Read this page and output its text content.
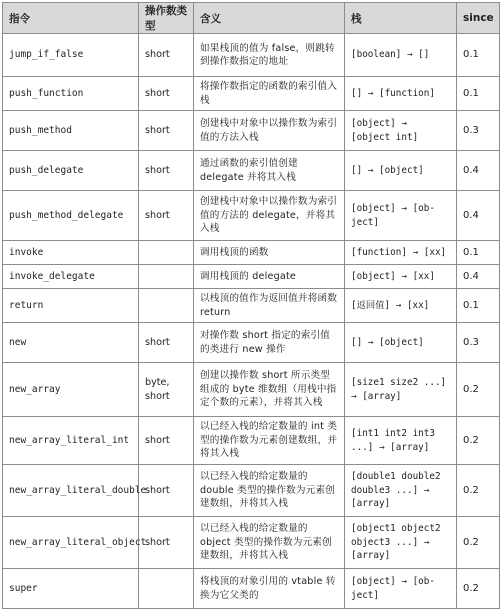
指令	操作数类型	含义	栈	since
jump_if_false	short	如果栈顶的值为 false，则跳转到操作数指定的地址	[boolean] → []	0.1
push_function	short	将操作数指定的函数的索引值入栈	[] → [function]	0.1
push_method	short	创建栈中对象中以操作数为索引值的方法入栈	[object] → [object int]	0.3
push_delegate	short	通过函数的索引值创建 delegate 并将其入栈	[] → [object]	0.4
push_method_delegate	short	创建栈中对象中以操作数为索引值的方法的 delegate，并将其入栈	[object] → [ob-ject]	0.4
invoke		调用栈顶的函数	[function] → [xx]	0.1
invoke_delegate		调用栈顶的 delegate	[object] → [xx]	0.4
return		以栈顶的值作为返回值并将函数 return	[返回值] → [xx]	0.1
new	short	对操作数 short 指定的索引值的类进行 new 操作	[] → [object]	0.3
new_array	byte, short	创建以操作数 short 所示类型组成的 byte 维数组（用栈中指定个数的元素），并将其入栈	[size1 size2 ...] → [array]	0.2
new_array_literal_int	short	以已经入栈的给定数量的 int 类型的操作数为元素创建数组，并将其入栈	[int1 int2 int3 ...] → [array]	0.2
new_array_literal_double	short	以已经入栈的给定数量的 double 类型的操作数为元素创建数组，并将其入栈	[double1 double2 double3 ...] → [array]	0.2
new_array_literal_object	short	以已经入栈的给定数量的 object 类型的操作数为元素创建数组，并将其入栈	[object1 object2 object3 ...] → [array]	0.2
super		将栈顶的对象引用的 vtable 转换为它父类的	[object] → [ob-ject]	0.2
